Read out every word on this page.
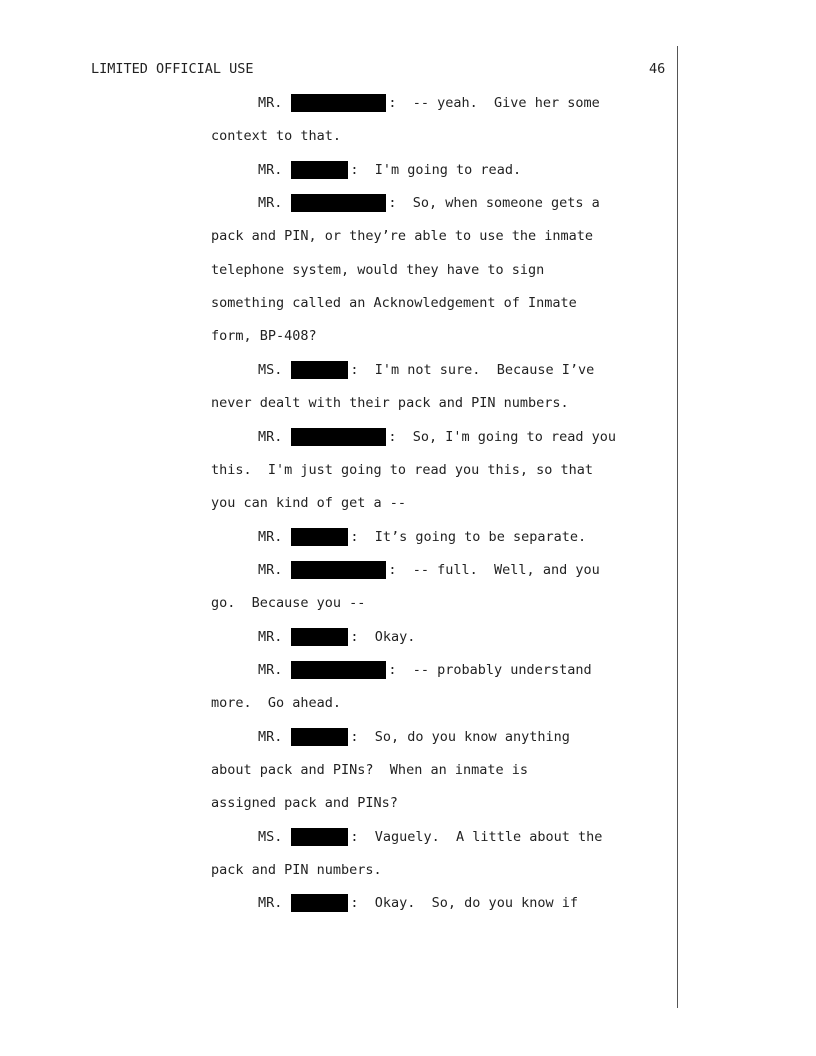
LIMITED OFFICIAL USE	46
MR.	:  -- yeah.  Give her some
context to that.
MR.	:  I'm going to read.
MR.	:  So, when someone gets a
pack and PIN, or they’re able to use the inmate
telephone system, would they have to sign
something called an Acknowledgement of Inmate
form, BP-408?
MS.	:  I'm not sure.  Because I’ve
never dealt with their pack and PIN numbers.
MR.	:  So, I'm going to read you
this.  I'm just going to read you this, so that
you can kind of get a --
MR.	:  It’s going to be separate.
MR.	:  -- full.  Well, and you
go.  Because you --
MR.	:  Okay.
MR.	:  -- probably understand
more.  Go ahead.
MR.	:  So, do you know anything
about pack and PINs?  When an inmate is
assigned pack and PINs?
MS.	:  Vaguely.  A little about the
pack and PIN numbers.
MR.	:  Okay.  So, do you know if
